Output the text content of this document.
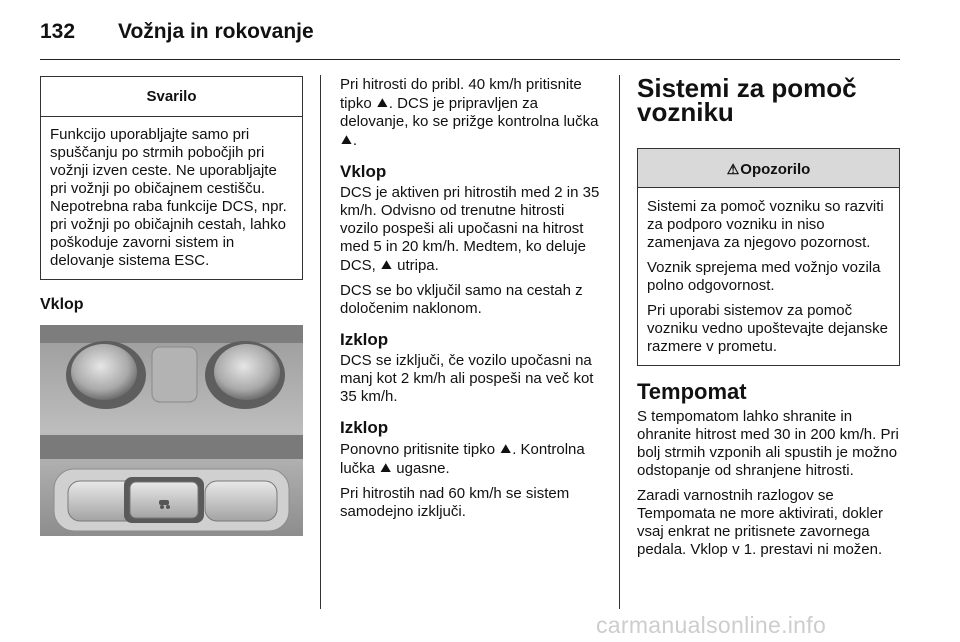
132 Vožnja in rokovanje
Svarilo
Funkcijo uporabljajte samo pri spuščanju po strmih pobočjih pri vožnji izven ceste. Ne uporabljajte pri vožnji po običajnem cestišču. Nepotrebna raba funkcije DCS, npr. pri vožnji po običajnih cestah, lahko poškoduje zavorni sistem in delovanje sistema ESC.
Vklop

Pri hitrosti do pribl. 40 km/h pritisnite tipko ⛰. DCS je pripravljen za delovanje, ko se prižge kontrolna lučka ⛰.

Vklop

DCS je aktiven pri hitrostih med 2 in 35 km/h. Odvisno od trenutne hitrosti vozilo pospeši ali upočasni na hitrost med 5 in 20 km/h. Medtem, ko deluje DCS, ⛰ utripa.

DCS se bo vključil samo na cestah z določenim naklonom.

Izklop

DCS se izključi, če vozilo upočasni na manj kot 2 km/h ali pospeši na več kot 35 km/h.

Izklop

Ponovno pritisnite tipko ⛰. Kontrolna lučka ⛰ ugasne.

Pri hitrostih nad 60 km/h se sistem samodejno izključi.

Sistemi za pomoč vozniku
⚠Opozorilo

Sistemi za pomoč vozniku so razviti za podporo vozniku in niso zamenjava za njegovo pozornost.

Voznik sprejema med vožnjo vozila polno odgovornost.

Pri uporabi sistemov za pomoč vozniku vedno upoštevajte dejanske razmere v prometu.

Tempomat

S tempomatom lahko shranite in ohranite hitrost med 30 in 200 km/h. Pri bolj strmih vzponih ali spustih je možno odstopanje od shranjene hitrosti.

Zaradi varnostnih razlogov se Tempomata ne more aktivirati, dokler vsaj enkrat ne pritisnete zavornega pedala. Vklop v 1. prestavi ni možen.

carmanualsonline.info
